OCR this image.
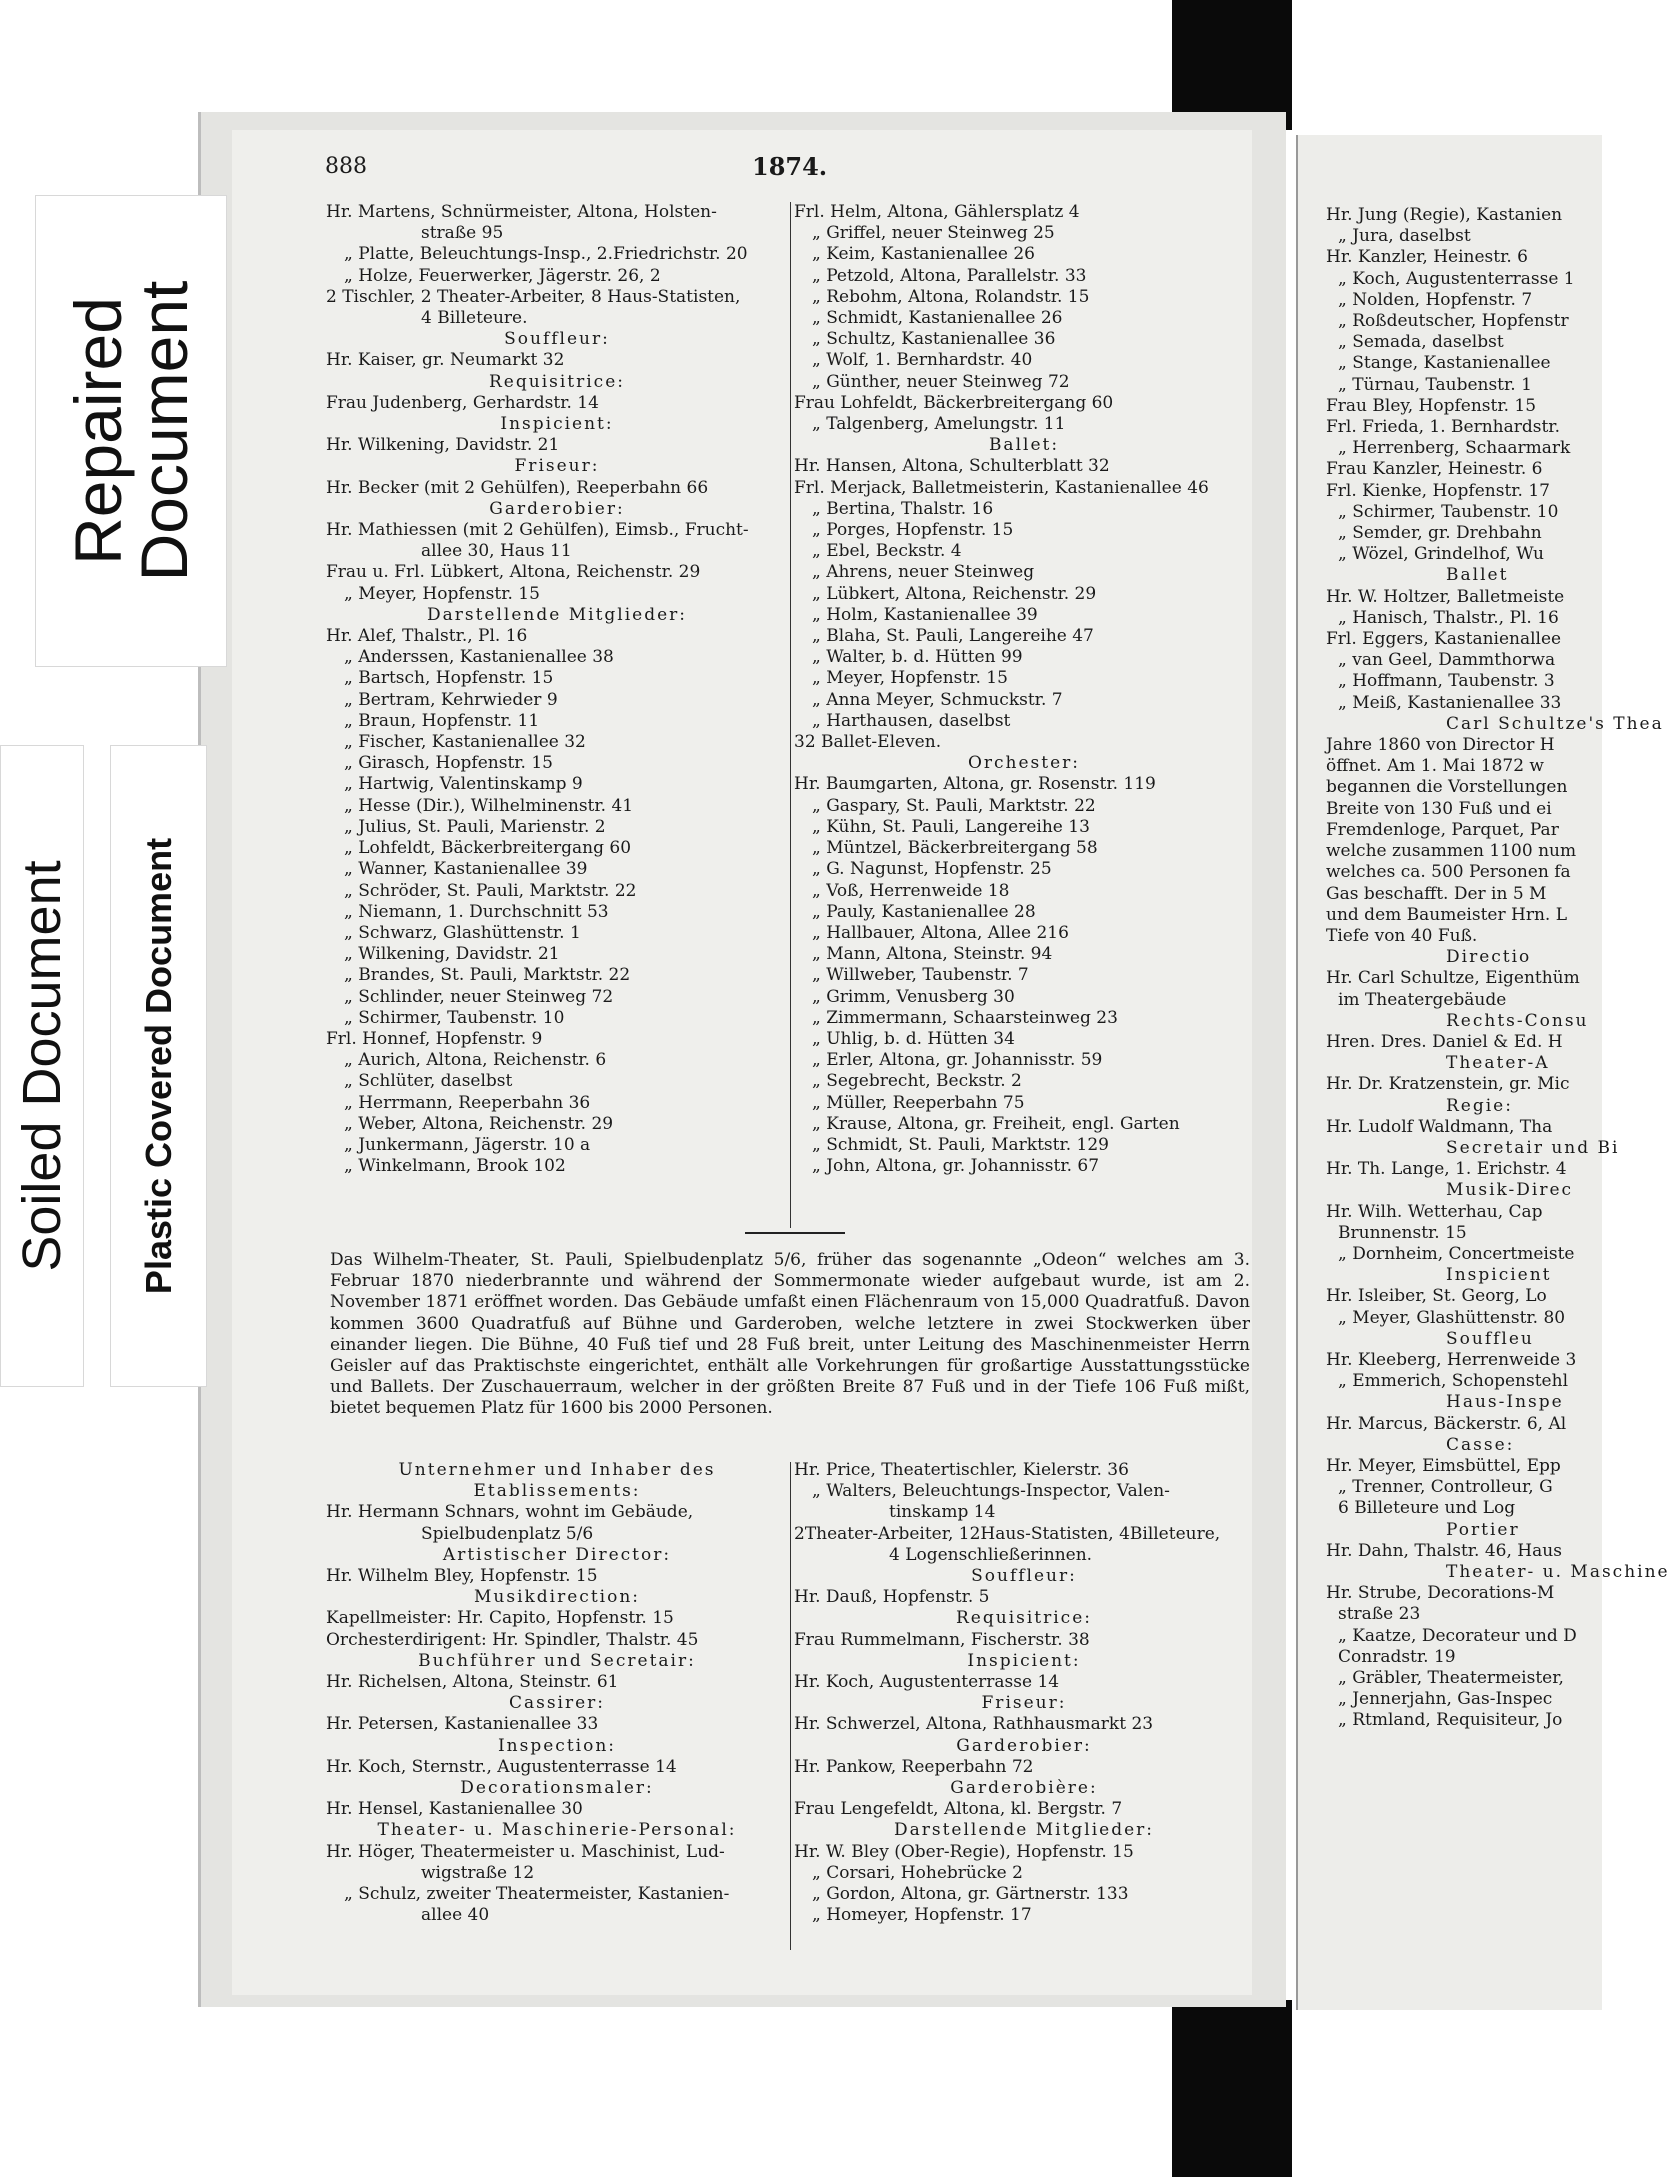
Repaired Document
Soiled Document Plastic Covered Document
888	1874.
Hr. Martens, Schnürmeister, Altona, Holsten-
straße 95
„ Platte, Beleuchtungs-Insp., 2.Friedrichstr. 20
„ Holze, Feuerwerker, Jägerstr. 26, 2
2 Tischler, 2 Theater-Arbeiter, 8 Haus-Statisten,
4 Billeteure.
Souffleur:
Hr. Kaiser, gr. Neumarkt 32
Requisitrice:
Frau Judenberg, Gerhardstr. 14
Inspicient:
Hr. Wilkening, Davidstr. 21
Friseur:
Hr. Becker (mit 2 Gehülfen), Reeperbahn 66
Garderobier:
Hr. Mathiessen (mit 2 Gehülfen), Eimsb., Frucht-
allee 30, Haus 11
Frau u. Frl. Lübkert, Altona, Reichenstr. 29
„ Meyer, Hopfenstr. 15
Darstellende Mitglieder:
Hr. Alef, Thalstr., Pl. 16
„ Anderssen, Kastanienallee 38
„ Bartsch, Hopfenstr. 15
„ Bertram, Kehrwieder 9
„ Braun, Hopfenstr. 11
„ Fischer, Kastanienallee 32
„ Girasch, Hopfenstr. 15
„ Hartwig, Valentinskamp 9
„ Hesse (Dir.), Wilhelminenstr. 41
„ Julius, St. Pauli, Marienstr. 2
„ Lohfeldt, Bäckerbreitergang 60
„ Wanner, Kastanienallee 39
„ Schröder, St. Pauli, Marktstr. 22
„ Niemann, 1. Durchschnitt 53
„ Schwarz, Glashüttenstr. 1
„ Wilkening, Davidstr. 21
„ Brandes, St. Pauli, Marktstr. 22
„ Schlinder, neuer Steinweg 72
„ Schirmer, Taubenstr. 10
Frl. Honnef, Hopfenstr. 9
„ Aurich, Altona, Reichenstr. 6
„ Schlüter, daselbst
„ Herrmann, Reeperbahn 36
„ Weber, Altona, Reichenstr. 29
„ Junkermann, Jägerstr. 10 a
„ Winkelmann, Brook 102
Frl. Helm, Altona, Gählersplatz 4
„ Griffel, neuer Steinweg 25
„ Keim, Kastanienallee 26
„ Petzold, Altona, Parallelstr. 33
„ Rebohm, Altona, Rolandstr. 15
„ Schmidt, Kastanienallee 26
„ Schultz, Kastanienallee 36
„ Wolf, 1. Bernhardstr. 40
„ Günther, neuer Steinweg 72
Frau Lohfeldt, Bäckerbreitergang 60
„ Talgenberg, Amelungstr. 11
Ballet:
Hr. Hansen, Altona, Schulterblatt 32
Frl. Merjack, Balletmeisterin, Kastanienallee 46
„ Bertina, Thalstr. 16
„ Porges, Hopfenstr. 15
„ Ebel, Beckstr. 4
„ Ahrens, neuer Steinweg
„ Lübkert, Altona, Reichenstr. 29
„ Holm, Kastanienallee 39
„ Blaha, St. Pauli, Langereihe 47
„ Walter, b. d. Hütten 99
„ Meyer, Hopfenstr. 15
„ Anna Meyer, Schmuckstr. 7
„ Harthausen, daselbst
32 Ballet-Eleven.
Orchester:
Hr. Baumgarten, Altona, gr. Rosenstr. 119
„ Gaspary, St. Pauli, Marktstr. 22
„ Kühn, St. Pauli, Langereihe 13
„ Müntzel, Bäckerbreitergang 58
„ G. Nagunst, Hopfenstr. 25
„ Voß, Herrenweide 18
„ Pauly, Kastanienallee 28
„ Hallbauer, Altona, Allee 216
„ Mann, Altona, Steinstr. 94
„ Willweber, Taubenstr. 7
„ Grimm, Venusberg 30
„ Zimmermann, Schaarsteinweg 23
„ Uhlig, b. d. Hütten 34
„ Erler, Altona, gr. Johannisstr. 59
„ Segebrecht, Beckstr. 2
„ Müller, Reeperbahn 75
„ Krause, Altona, gr. Freiheit, engl. Garten
„ Schmidt, St. Pauli, Marktstr. 129
„ John, Altona, gr. Johannisstr. 67
Das Wilhelm-Theater, St. Pauli, Spielbudenplatz 5/6, früher das sogenannte „Odeon“ welches am 3. Februar 1870 niederbrannte und während der Sommermonate wieder aufgebaut wurde, ist am 2. November 1871 eröffnet worden. Das Gebäude umfaßt einen Flächenraum von 15,000 Quadratfuß. Davon kommen 3600 Quadratfuß auf Bühne und Garderoben, welche letztere in zwei Stockwerken über einander liegen. Die Bühne, 40 Fuß tief und 28 Fuß breit, unter Leitung des Maschinenmeister Herrn Geisler auf das Praktischste eingerichtet, enthält alle Vorkehrungen für großartige Ausstattungsstücke und Ballets. Der Zuschauerraum, welcher in der größten Breite 87 Fuß und in der Tiefe 106 Fuß mißt, bietet bequemen Platz für 1600 bis 2000 Personen.
Unternehmer und Inhaber des
Etablissements:
Hr. Hermann Schnars, wohnt im Gebäude,
Spielbudenplatz 5/6
Artistischer Director:
Hr. Wilhelm Bley, Hopfenstr. 15
Musikdirection:
Kapellmeister: Hr. Capito, Hopfenstr. 15
Orchesterdirigent: Hr. Spindler, Thalstr. 45
Buchführer und Secretair:
Hr. Richelsen, Altona, Steinstr. 61
Cassirer:
Hr. Petersen, Kastanienallee 33
Inspection:
Hr. Koch, Sternstr., Augustenterrasse 14
Decorationsmaler:
Hr. Hensel, Kastanienallee 30
Theater- u. Maschinerie-Personal:
Hr. Höger, Theatermeister u. Maschinist, Lud-
wigstraße 12
„ Schulz, zweiter Theatermeister, Kastanien-
allee 40
Hr. Price, Theatertischler, Kielerstr. 36
„ Walters, Beleuchtungs-Inspector, Valen-
tinskamp 14
2Theater-Arbeiter, 12Haus-Statisten, 4Billeteure,
4 Logenschließerinnen.
Souffleur:
Hr. Dauß, Hopfenstr. 5
Requisitrice:
Frau Rummelmann, Fischerstr. 38
Inspicient:
Hr. Koch, Augustenterrasse 14
Friseur:
Hr. Schwerzel, Altona, Rathhausmarkt 23
Garderobier:
Hr. Pankow, Reeperbahn 72
Garderobière:
Frau Lengefeldt, Altona, kl. Bergstr. 7
Darstellende Mitglieder:
Hr. W. Bley (Ober-Regie), Hopfenstr. 15
„ Corsari, Hohebrücke 2
„ Gordon, Altona, gr. Gärtnerstr. 133
„ Homeyer, Hopfenstr. 17
Hr. Jung (Regie), Kastanien
„ Jura, daselbst
Hr. Kanzler, Heinestr. 6
„ Koch, Augustenterrasse 1
„ Nolden, Hopfenstr. 7
„ Roßdeutscher, Hopfenstr
„ Semada, daselbst
„ Stange, Kastanienallee
„ Türnau, Taubenstr. 1
Frau Bley, Hopfenstr. 15
Frl. Frieda, 1. Bernhardstr.
„ Herrenberg, Schaarmark
Frau Kanzler, Heinestr. 6
Frl. Kienke, Hopfenstr. 17
„ Schirmer, Taubenstr. 10
„ Semder, gr. Drehbahn
„ Wözel, Grindelhof, Wu
Ballet
Hr. W. Holtzer, Balletmeiste
„ Hanisch, Thalstr., Pl. 16
Frl. Eggers, Kastanienallee
„ van Geel, Dammthorwa
„ Hoffmann, Taubenstr. 3
„ Meiß, Kastanienallee 33
Carl Schultze's Thea
Jahre 1860 von Director H
öffnet. Am 1. Mai 1872 w
begannen die Vorstellungen
Breite von 130 Fuß und ei
Fremdenloge, Parquet, Par
welche zusammen 1100 num
welches ca. 500 Personen fa
Gas beschafft. Der in 5 M
und dem Baumeister Hrn. L
Tiefe von 40 Fuß.
Directio
Hr. Carl Schultze, Eigenthüm
im Theatergebäude
Rechts-Consu
Hren. Dres. Daniel & Ed. H
Theater-A
Hr. Dr. Kratzenstein, gr. Mic
Regie:
Hr. Ludolf Waldmann, Tha
Secretair und Bi
Hr. Th. Lange, 1. Erichstr. 4
Musik-Direc
Hr. Wilh. Wetterhau, Cap
Brunnenstr. 15
„ Dornheim, Concertmeiste
Inspicient
Hr. Isleiber, St. Georg, Lo
„ Meyer, Glashüttenstr. 80
Souffleu
Hr. Kleeberg, Herrenweide 3
„ Emmerich, Schopenstehl
Haus-Inspe
Hr. Marcus, Bäckerstr. 6, Al
Casse:
Hr. Meyer, Eimsbüttel, Epp
„ Trenner, Controlleur, G
6 Billeteure und Log
Portier
Hr. Dahn, Thalstr. 46, Haus
Theater- u. Maschine
Hr. Strube, Decorations-M
straße 23
„ Kaatze, Decorateur und D
Conradstr. 19
„ Gräbler, Theatermeister,
„ Jennerjahn, Gas-Inspec
„ Rtmland, Requisiteur, Jo
